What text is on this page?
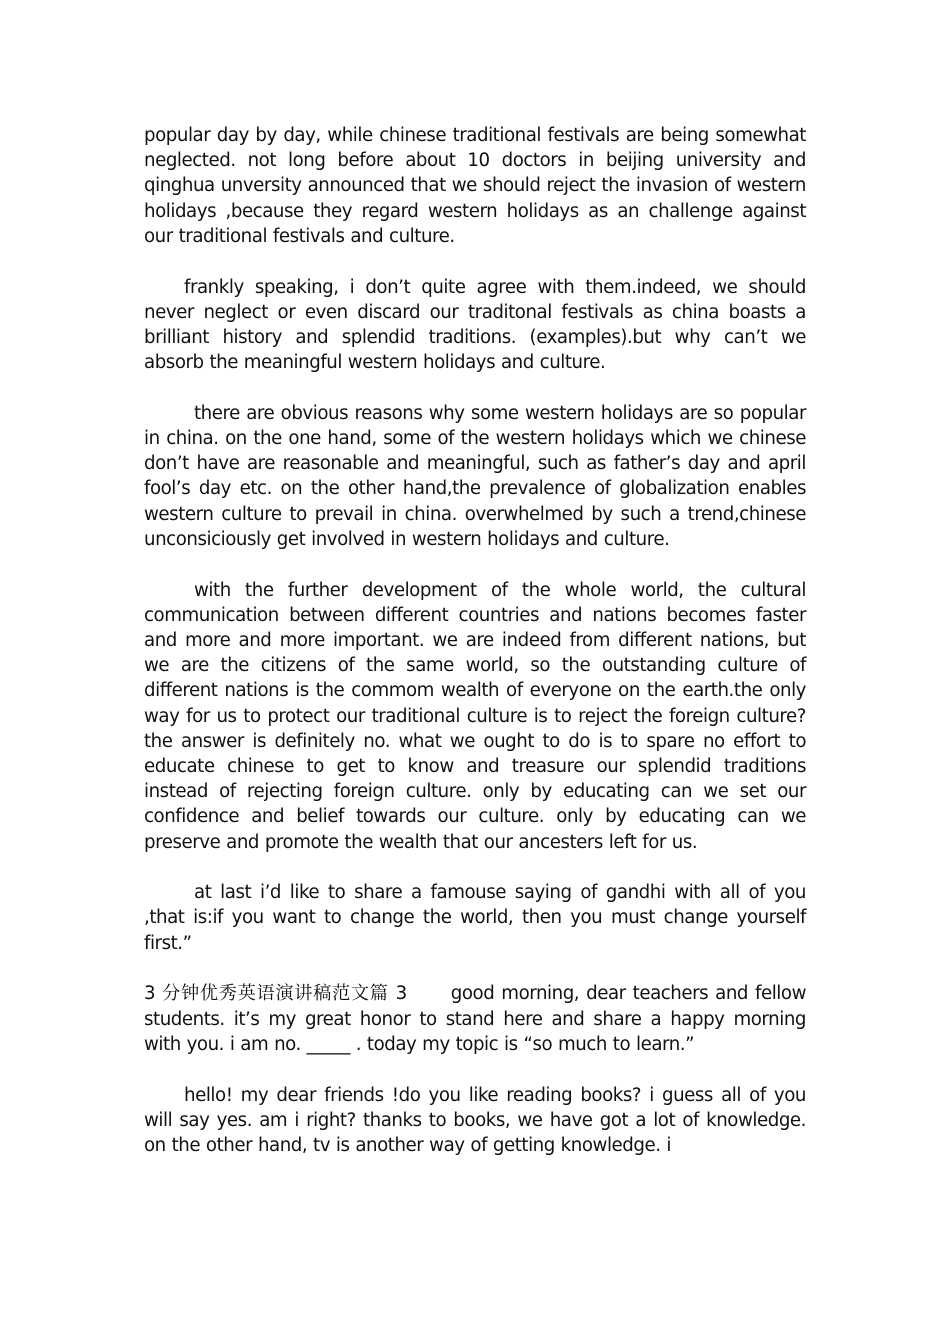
popular day by day, while chinese traditional festivals are being somewhat neglected. not long before about 10 doctors in beijing university and qinghua unversity announced that we should reject the invasion of western holidays ,because they regard western holidays as an challenge against our traditional festivals and culture.

frankly speaking, i don’t quite agree with them.indeed, we should never neglect or even discard our traditonal festivals as china boasts a brilliant history and splendid traditions. (examples).but why can’t we absorb the meaningful western holidays and culture.

there are obvious reasons why some western holidays are so popular in china. on the one hand, some of the western holidays which we chinese don’t have are reasonable and meaningful, such as father’s day and april fool’s day etc. on the other hand,the prevalence of globalization enables western culture to prevail in china. overwhelmed by such a trend,chinese unconsiciously get involved in western holidays and culture.

with the further development of the whole world, the cultural communication between different countries and nations becomes faster and more and more important. we are indeed from different nations, but we are the citizens of the same world, so the outstanding culture of different nations is the commom wealth of everyone on the earth.the only way for us to protect our traditional culture is to reject the foreign culture? the answer is definitely no. what we ought to do is to spare no effort to educate chinese to get to know and treasure our splendid traditions instead of rejecting foreign culture. only by educating can we set our confidence and belief towards our culture. only by educating can we preserve and promote the wealth that our ancesters left for us.

at last i’d like to share a famouse saying of gandhi with all of you ,that is:if you want to change the world, then you must change yourself first.”

3 分钟优秀英语演讲稿范文篇 3 good morning, dear teachers and fellow students. it’s my great honor to stand here and share a happy morning with you. i am no. _____ . today my topic is “so much to learn.”

hello! my dear friends !do you like reading books? i guess all of you will say yes. am i right? thanks to books, we have got a lot of knowledge. on the other hand, tv is another way of getting knowledge. i
